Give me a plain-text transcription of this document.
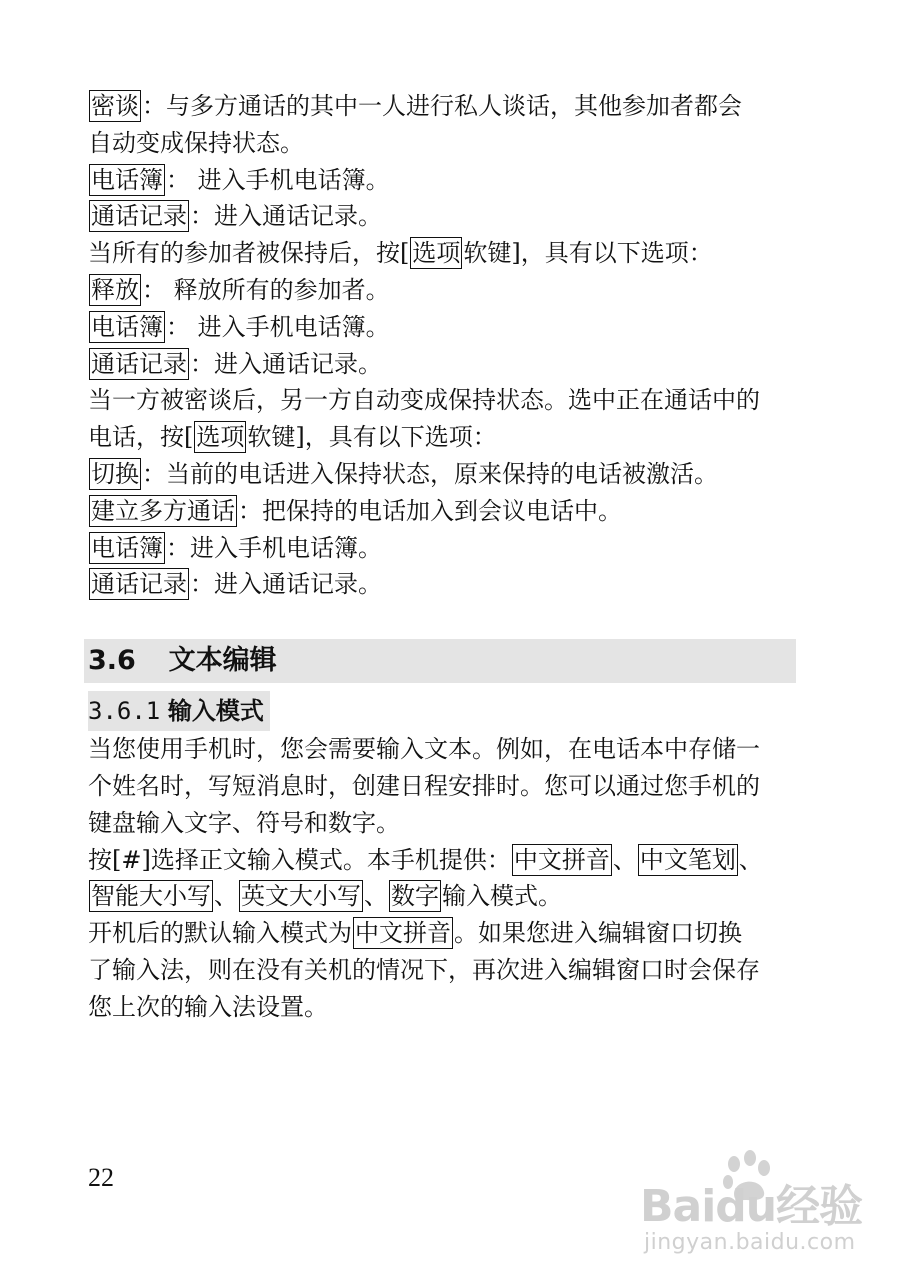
密谈 ：与多方通话的其中一人进行私人谈话，其他参加者都会
自动变成保持状态。
电话簿 ： 进入手机电话簿。
通话记录 ：进入通话记录。
当所有的参加者被保持后，按[ 选项 软键]，具有以下选项：
释放 ： 释放所有的参加者。
电话簿 ： 进入手机电话簿。
通话记录 ：进入通话记录。
当一方被密谈后，另一方自动变成保持状态。选中正在通话中的
电话，按[ 选项 软键]，具有以下选项：
切换 ：当前的电话进入保持状态，原来保持的电话被激活。
建立多方通话 ：把保持的电话加入到会议电话中。
电话簿 ：进入手机电话簿。
通话记录 ：进入通话记录。
3.6 文本编辑
3.6.1 输入模式
当您使用手机时，您会需要输入文本。例如，在电话本中存储一
个姓名时，写短消息时，创建日程安排时。您可以通过您手机的
键盘输入文字、符号和数字。
按[#]选择正文输入模式。本手机提供： 中文拼音 、 中文笔划 、
智能大小写 、 英文大小写 、 数字 输入模式。
开机后的默认输入模式为 中文拼音 。如果您进入编辑窗口切换
了输入法，则在没有关机的情况下，再次进入编辑窗口时会保存
您上次的输入法设置。
22
Baidu经验
jingyan.baidu.com
